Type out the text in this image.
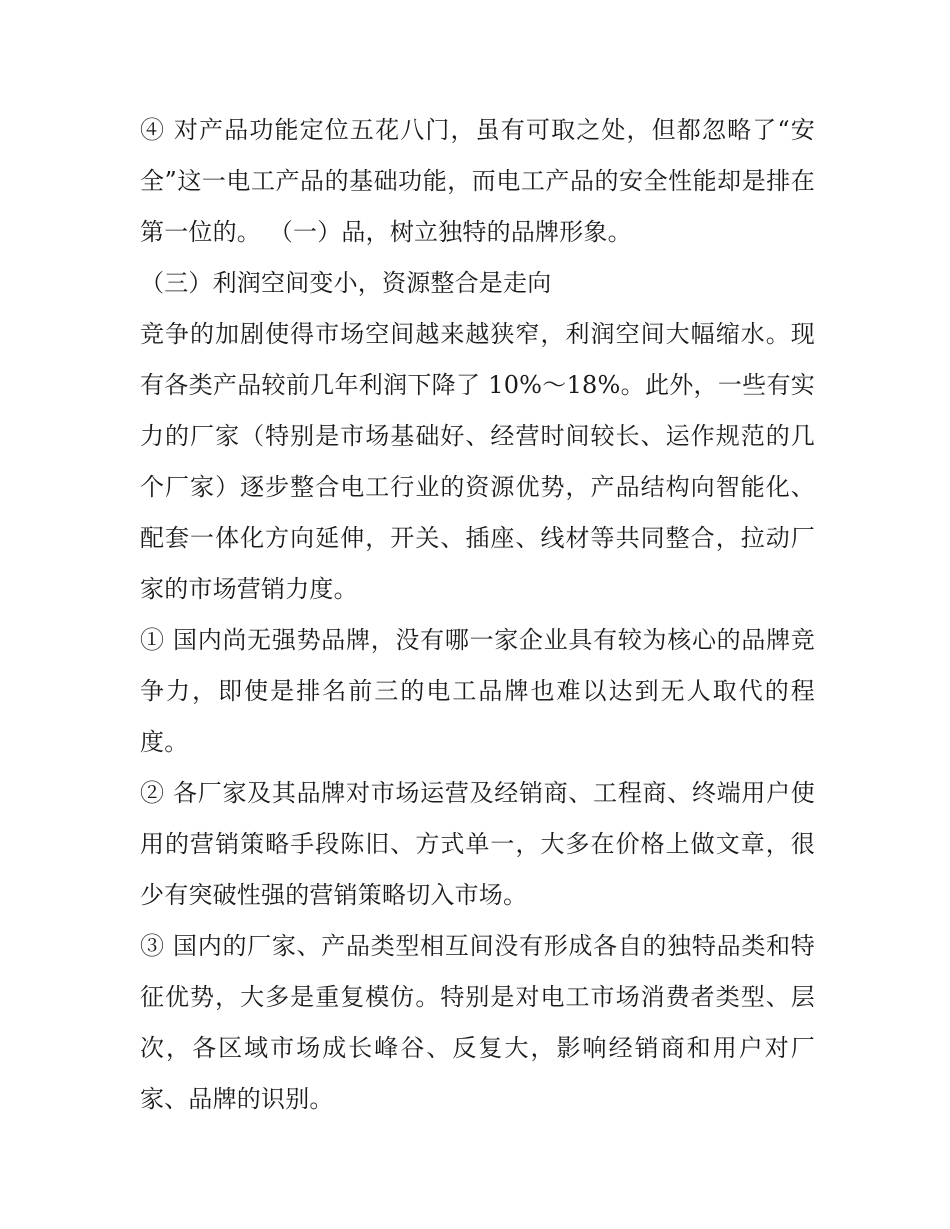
④ 对产品功能定位五花八门，虽有可取之处，但都忽略了“安全”这一电工产品的基础功能，而电工产品的安全性能却是排在第一位的。 （一）品，树立独特的品牌形象。

（三）利润空间变小，资源整合是走向

竞争的加剧使得市场空间越来越狭窄，利润空间大幅缩水。现有各类产品较前几年利润下降了 10%～18%。此外，一些有实力的厂家（特别是市场基础好、经营时间较长、运作规范的几个厂家）逐步整合电工行业的资源优势，产品结构向智能化、配套一体化方向延伸，开关、插座、线材等共同整合，拉动厂家的市场营销力度。

① 国内尚无强势品牌，没有哪一家企业具有较为核心的品牌竞争力，即使是排名前三的电工品牌也难以达到无人取代的程度。

② 各厂家及其品牌对市场运营及经销商、工程商、终端用户使用的营销策略手段陈旧、方式单一，大多在价格上做文章，很少有突破性强的营销策略切入市场。

③ 国内的厂家、产品类型相互间没有形成各自的独特品类和特征优势，大多是重复模仿。特别是对电工市场消费者类型、层次，各区域市场成长峰谷、反复大，影响经销商和用户对厂家、品牌的识别。
